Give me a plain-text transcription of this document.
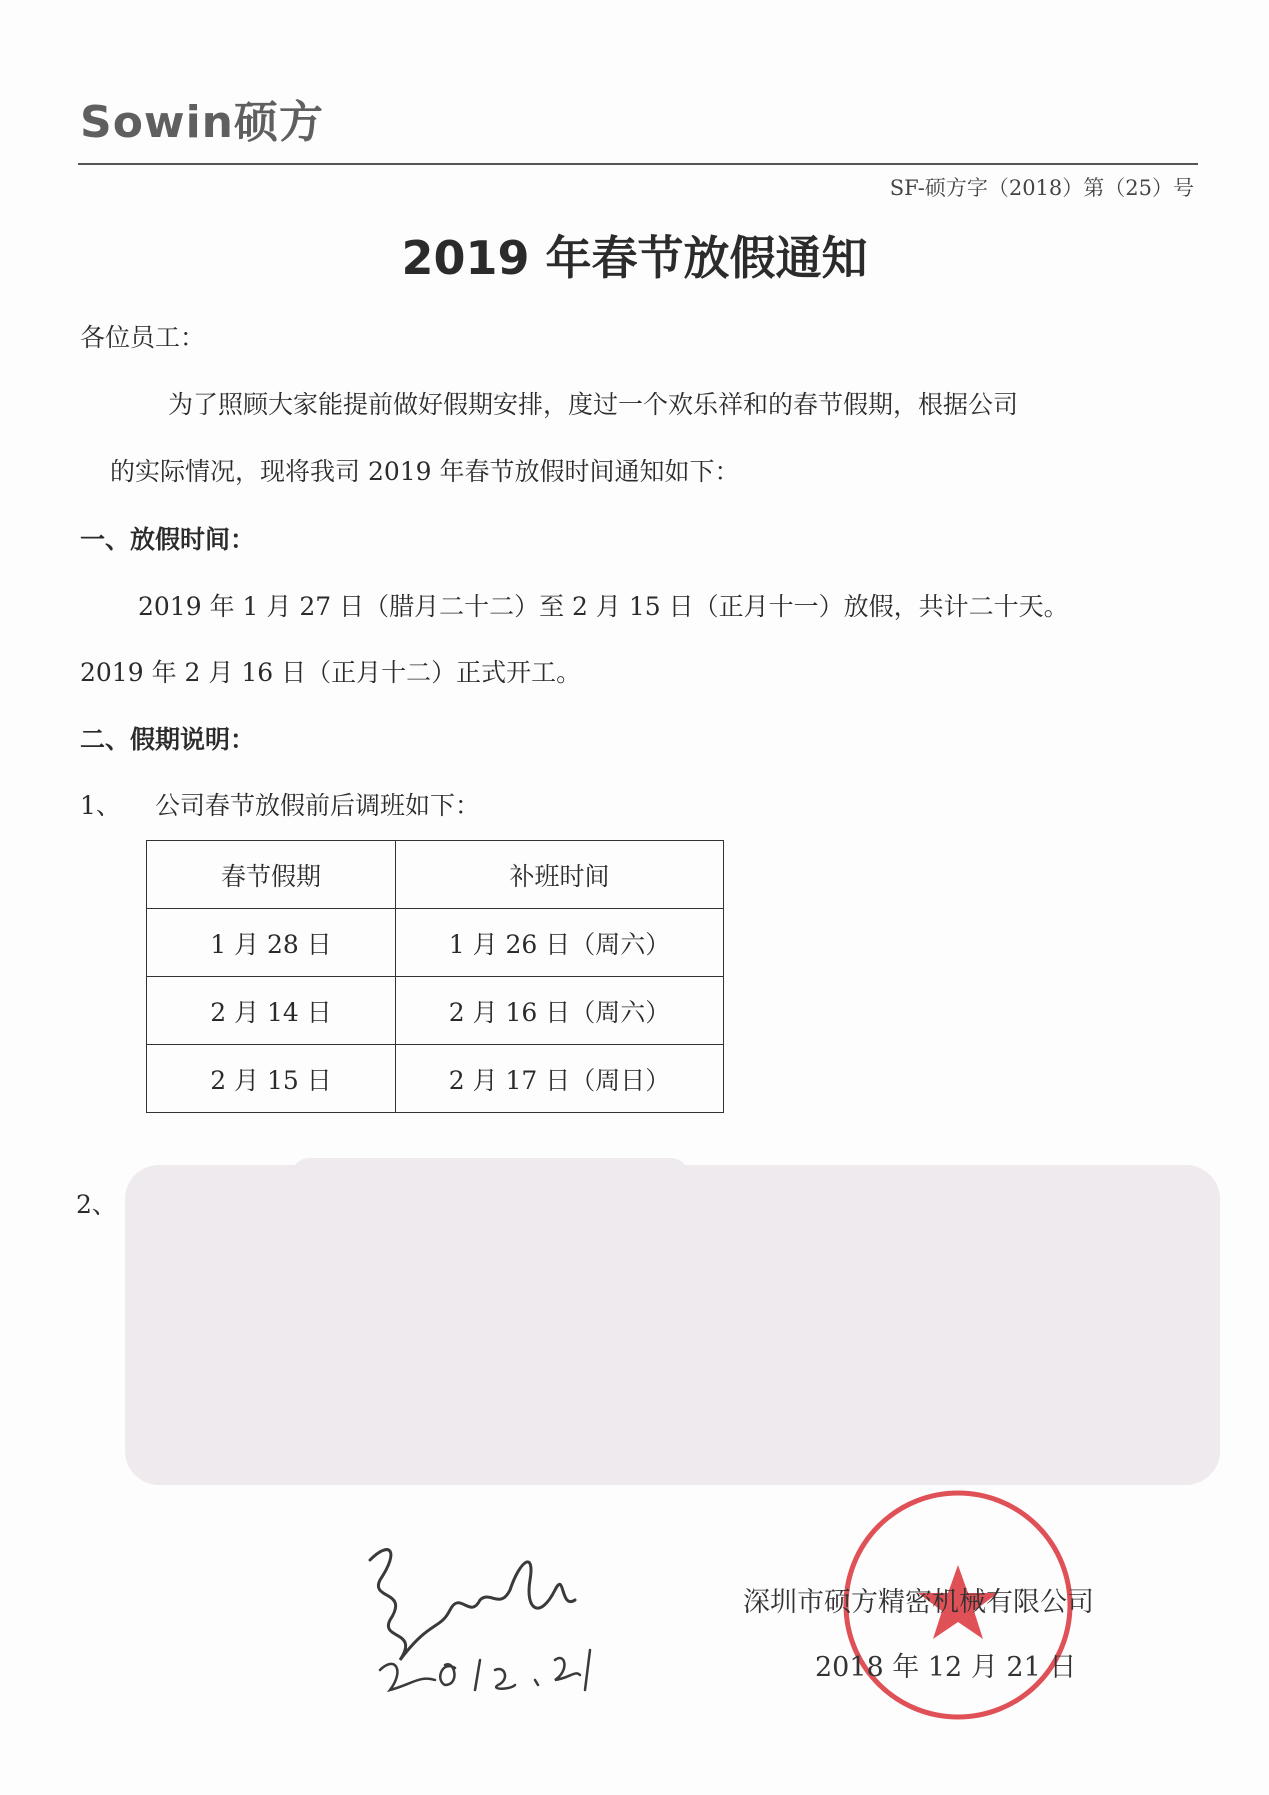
Sowin硕方
SF-硕方字（2018）第（25）号
2019 年春节放假通知
各位员工：
为了照顾大家能提前做好假期安排，度过一个欢乐祥和的春节假期，根据公司
的实际情况，现将我司 2019 年春节放假时间通知如下：
一、放假时间：
2019 年 1 月 27 日（腊月二十二）至 2 月 15 日（正月十一）放假，共计二十天。
2019 年 2 月 16 日（正月十二）正式开工。
二、假期说明：
1、 公司春节放假前后调班如下：
春节假期	补班时间
1 月 28 日	1 月 26 日（周六）
2 月 14 日	2 月 16 日（周六）
2 月 15 日	2 月 17 日（周日）
2、
深圳市硕方精密机械有限公司
2018 年 12 月 21 日
